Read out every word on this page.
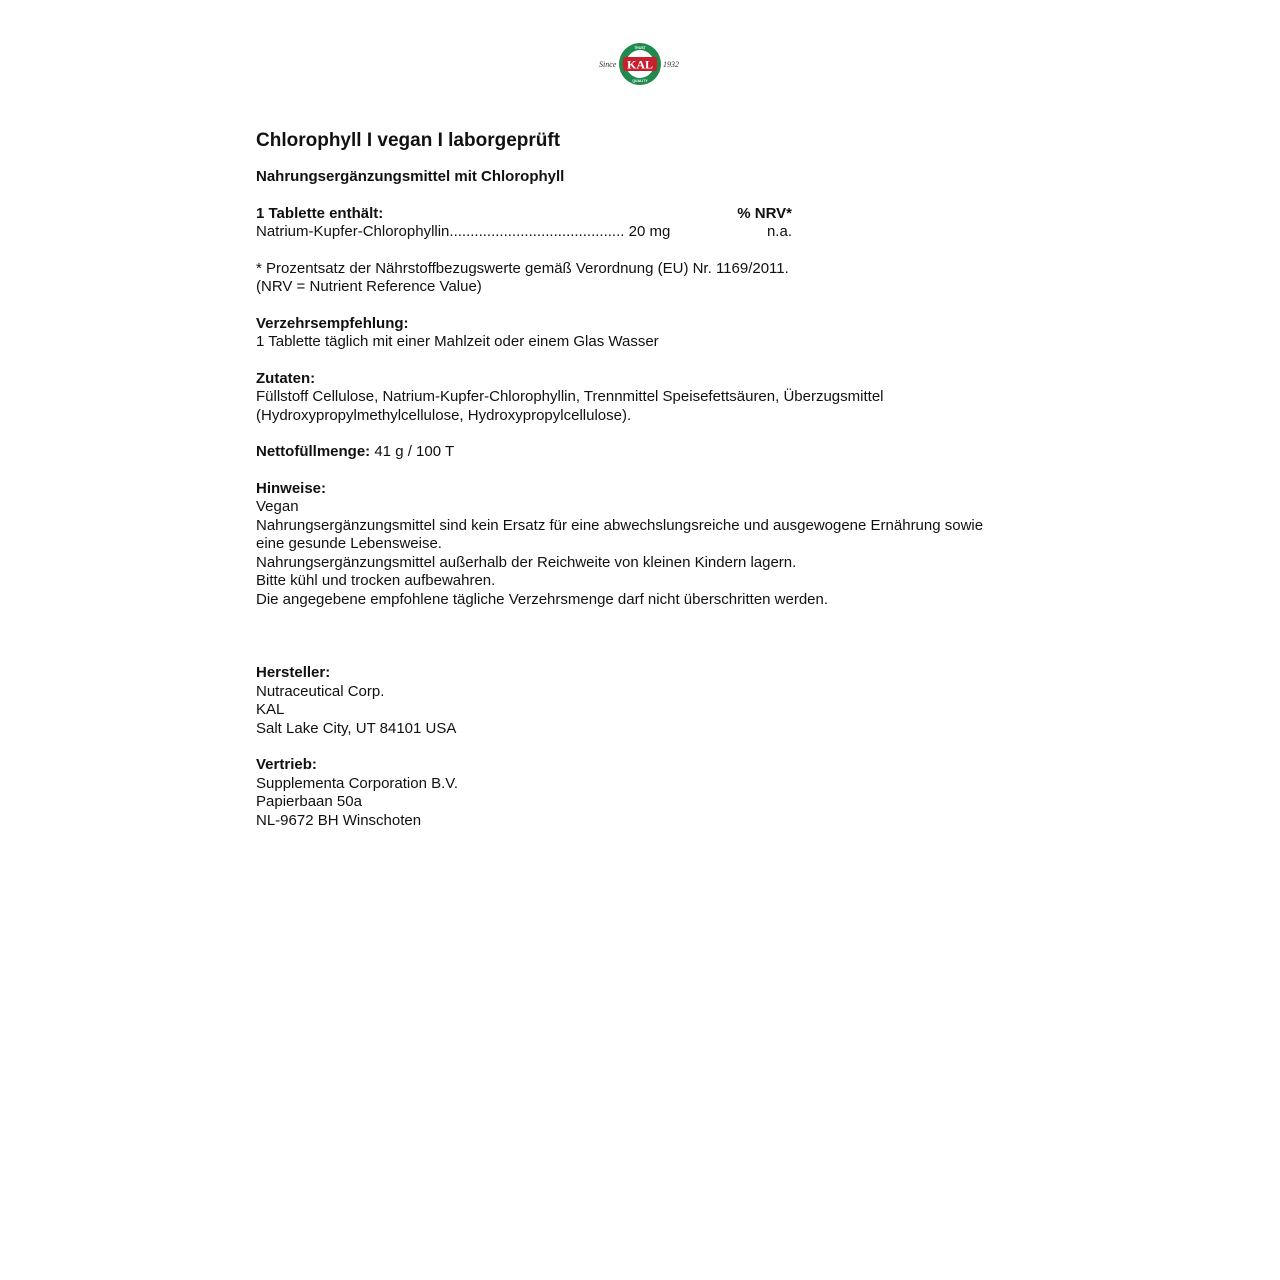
Since
TRUST
QUALITY
KAL 1932
Chlorophyll I vegan I laborgeprüft
Nahrungsergänzungsmittel mit Chlorophyll
1 Tablette enthält:	% NRV*
Natrium-Kupfer-Chlorophyllin.......................................... 20 mg	n.a.

* Prozentsatz der Nährstoffbezugswerte gemäß Verordnung (EU) Nr. 1169/2011.

(NRV = Nutrient Reference Value)

Verzehrsempfehlung:

1 Tablette täglich mit einer Mahlzeit oder einem Glas Wasser

Zutaten:

Füllstoff Cellulose, Natrium-Kupfer-Chlorophyllin, Trennmittel Speisefettsäuren, Überzugsmittel

(Hydroxypropylmethylcellulose, Hydroxypropylcellulose).

Nettofüllmenge: 41 g / 100 T

Hinweise:

Vegan

Nahrungsergänzungsmittel sind kein Ersatz für eine abwechslungsreiche und ausgewogene Ernährung sowie

eine gesunde Lebensweise.

Nahrungsergänzungsmittel außerhalb der Reichweite von kleinen Kindern lagern.

Bitte kühl und trocken aufbewahren.

Die angegebene empfohlene tägliche Verzehrsmenge darf nicht überschritten werden.

Hersteller:

Nutraceutical Corp.

KAL

Salt Lake City, UT 84101 USA

Vertrieb:

Supplementa Corporation B.V.

Papierbaan 50a

NL-9672 BH Winschoten
